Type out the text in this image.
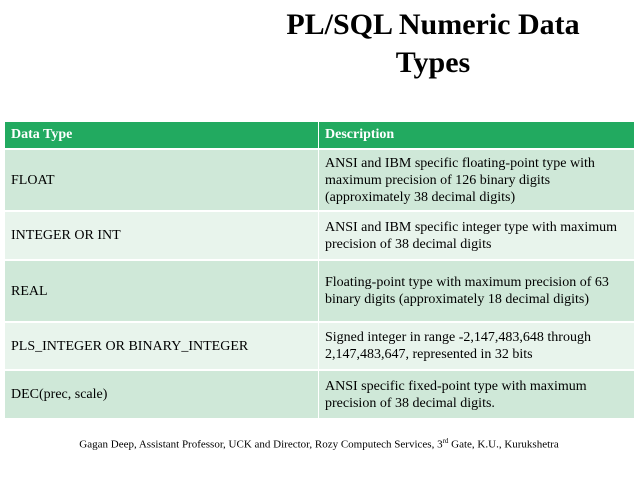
PL/SQL Numeric Data
Types
Data Type	Description
FLOAT	ANSI and IBM specific floating-point type with maximum precision of 126 binary digits (approximately 38 decimal digits)
INTEGER OR INT	ANSI and IBM specific integer type with maximum precision of 38 decimal digits
REAL	Floating-point type with maximum precision of 63 binary digits (approximately 18 decimal digits)
PLS_INTEGER OR BINARY_INTEGER	Signed integer in range -2,147,483,648 through 2,147,483,647, represented in 32 bits
DEC(prec, scale)	ANSI specific fixed-point type with maximum precision of 38 decimal digits.
Gagan Deep, Assistant Professor, UCK and Director, Rozy Computech Services, 3rd Gate, K.U., Kurukshetra
